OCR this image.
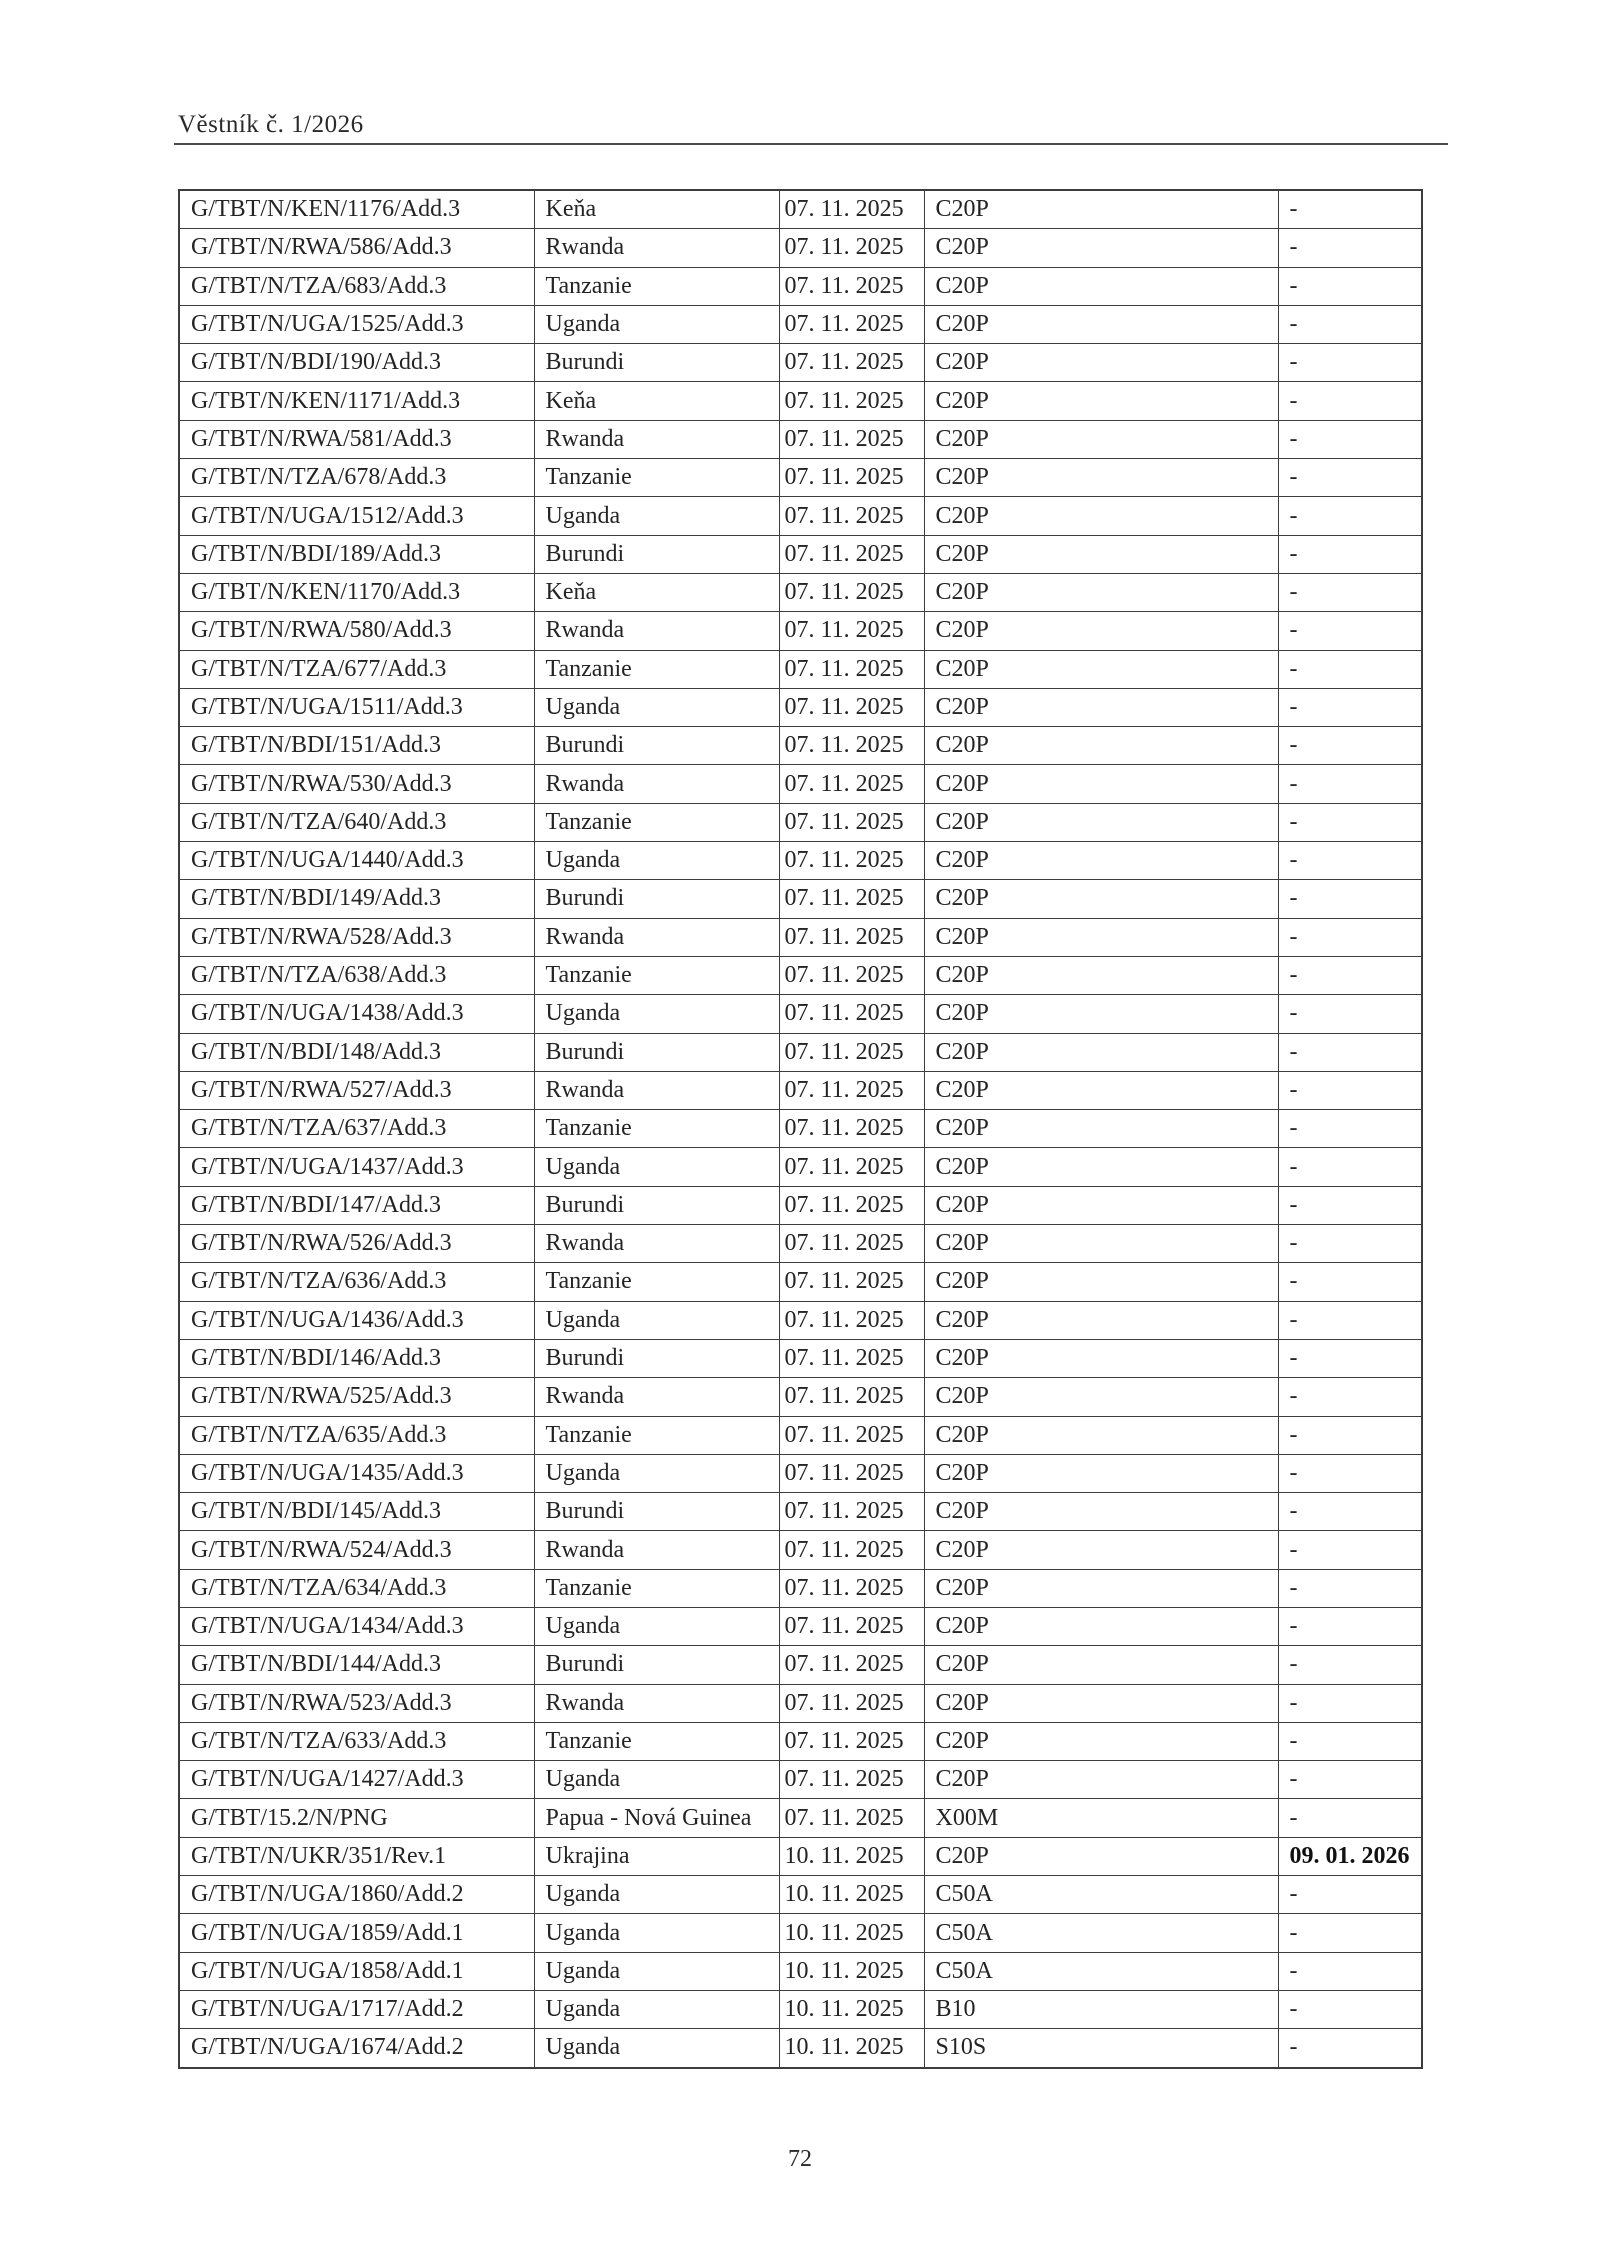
Věstník č. 1/2026
G/TBT/N/KEN/1176/Add.3	Keňa	07. 11. 2025	C20P	-
G/TBT/N/RWA/586/Add.3	Rwanda	07. 11. 2025	C20P	-
G/TBT/N/TZA/683/Add.3	Tanzanie	07. 11. 2025	C20P	-
G/TBT/N/UGA/1525/Add.3	Uganda	07. 11. 2025	C20P	-
G/TBT/N/BDI/190/Add.3	Burundi	07. 11. 2025	C20P	-
G/TBT/N/KEN/1171/Add.3	Keňa	07. 11. 2025	C20P	-
G/TBT/N/RWA/581/Add.3	Rwanda	07. 11. 2025	C20P	-
G/TBT/N/TZA/678/Add.3	Tanzanie	07. 11. 2025	C20P	-
G/TBT/N/UGA/1512/Add.3	Uganda	07. 11. 2025	C20P	-
G/TBT/N/BDI/189/Add.3	Burundi	07. 11. 2025	C20P	-
G/TBT/N/KEN/1170/Add.3	Keňa	07. 11. 2025	C20P	-
G/TBT/N/RWA/580/Add.3	Rwanda	07. 11. 2025	C20P	-
G/TBT/N/TZA/677/Add.3	Tanzanie	07. 11. 2025	C20P	-
G/TBT/N/UGA/1511/Add.3	Uganda	07. 11. 2025	C20P	-
G/TBT/N/BDI/151/Add.3	Burundi	07. 11. 2025	C20P	-
G/TBT/N/RWA/530/Add.3	Rwanda	07. 11. 2025	C20P	-
G/TBT/N/TZA/640/Add.3	Tanzanie	07. 11. 2025	C20P	-
G/TBT/N/UGA/1440/Add.3	Uganda	07. 11. 2025	C20P	-
G/TBT/N/BDI/149/Add.3	Burundi	07. 11. 2025	C20P	-
G/TBT/N/RWA/528/Add.3	Rwanda	07. 11. 2025	C20P	-
G/TBT/N/TZA/638/Add.3	Tanzanie	07. 11. 2025	C20P	-
G/TBT/N/UGA/1438/Add.3	Uganda	07. 11. 2025	C20P	-
G/TBT/N/BDI/148/Add.3	Burundi	07. 11. 2025	C20P	-
G/TBT/N/RWA/527/Add.3	Rwanda	07. 11. 2025	C20P	-
G/TBT/N/TZA/637/Add.3	Tanzanie	07. 11. 2025	C20P	-
G/TBT/N/UGA/1437/Add.3	Uganda	07. 11. 2025	C20P	-
G/TBT/N/BDI/147/Add.3	Burundi	07. 11. 2025	C20P	-
G/TBT/N/RWA/526/Add.3	Rwanda	07. 11. 2025	C20P	-
G/TBT/N/TZA/636/Add.3	Tanzanie	07. 11. 2025	C20P	-
G/TBT/N/UGA/1436/Add.3	Uganda	07. 11. 2025	C20P	-
G/TBT/N/BDI/146/Add.3	Burundi	07. 11. 2025	C20P	-
G/TBT/N/RWA/525/Add.3	Rwanda	07. 11. 2025	C20P	-
G/TBT/N/TZA/635/Add.3	Tanzanie	07. 11. 2025	C20P	-
G/TBT/N/UGA/1435/Add.3	Uganda	07. 11. 2025	C20P	-
G/TBT/N/BDI/145/Add.3	Burundi	07. 11. 2025	C20P	-
G/TBT/N/RWA/524/Add.3	Rwanda	07. 11. 2025	C20P	-
G/TBT/N/TZA/634/Add.3	Tanzanie	07. 11. 2025	C20P	-
G/TBT/N/UGA/1434/Add.3	Uganda	07. 11. 2025	C20P	-
G/TBT/N/BDI/144/Add.3	Burundi	07. 11. 2025	C20P	-
G/TBT/N/RWA/523/Add.3	Rwanda	07. 11. 2025	C20P	-
G/TBT/N/TZA/633/Add.3	Tanzanie	07. 11. 2025	C20P	-
G/TBT/N/UGA/1427/Add.3	Uganda	07. 11. 2025	C20P	-
G/TBT/15.2/N/PNG	Papua - Nová Guinea	07. 11. 2025	X00M	-
G/TBT/N/UKR/351/Rev.1	Ukrajina	10. 11. 2025	C20P	09. 01. 2026
G/TBT/N/UGA/1860/Add.2	Uganda	10. 11. 2025	C50A	-
G/TBT/N/UGA/1859/Add.1	Uganda	10. 11. 2025	C50A	-
G/TBT/N/UGA/1858/Add.1	Uganda	10. 11. 2025	C50A	-
G/TBT/N/UGA/1717/Add.2	Uganda	10. 11. 2025	B10	-
G/TBT/N/UGA/1674/Add.2	Uganda	10. 11. 2025	S10S	-
72
